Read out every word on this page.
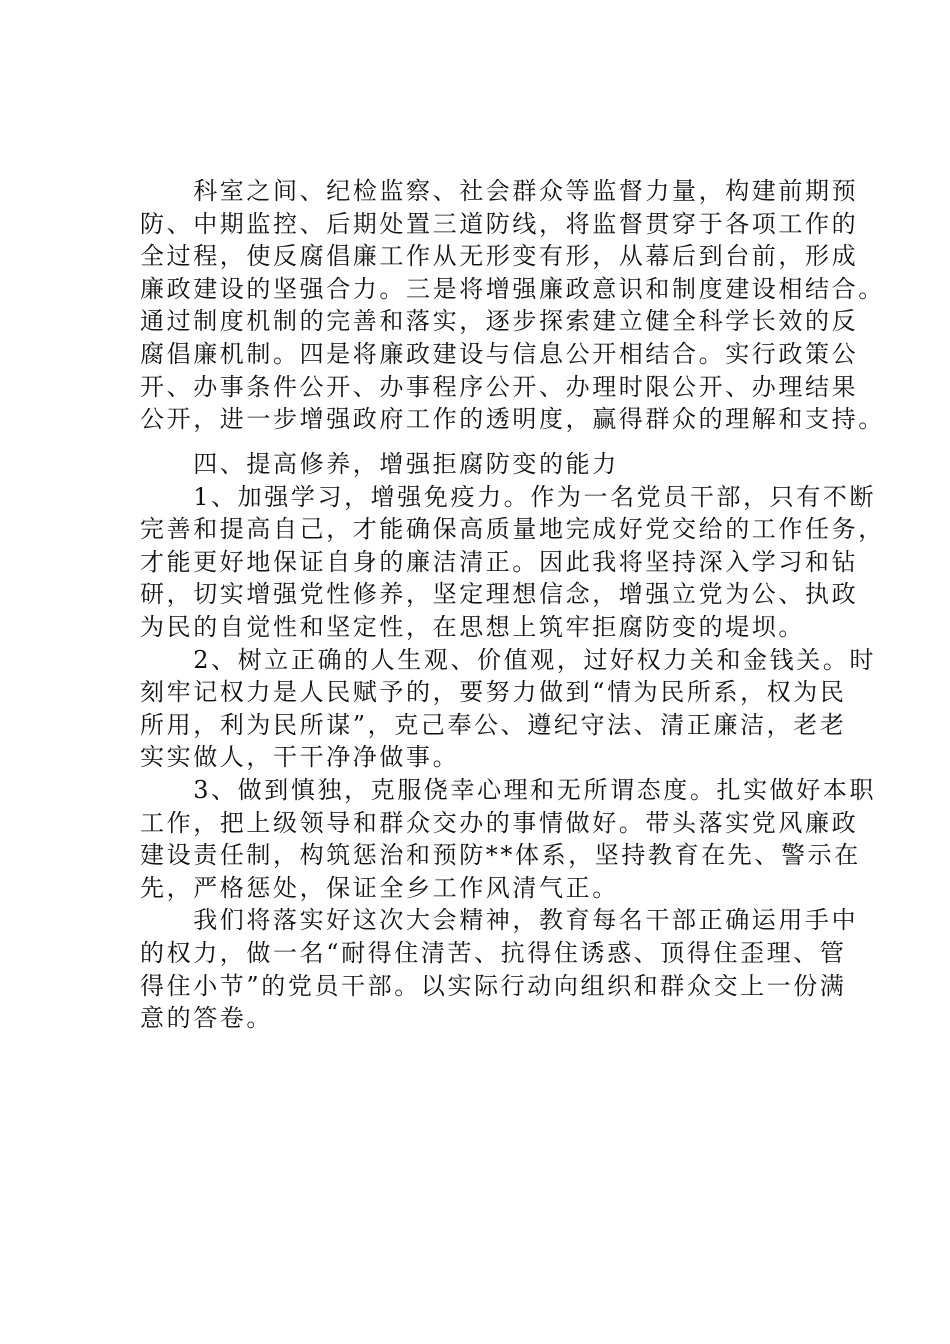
　　科室之间、纪检监察、社会群众等监督力量，构建前期预
防、中期监控、后期处置三道防线，将监督贯穿于各项工作的
全过程，使反腐倡廉工作从无形变有形，从幕后到台前，形成
廉政建设的坚强合力。三是将增强廉政意识和制度建设相结合。
通过制度机制的完善和落实，逐步探索建立健全科学长效的反
腐倡廉机制。四是将廉政建设与信息公开相结合。实行政策公
开、办事条件公开、办事程序公开、办理时限公开、办理结果
公开，进一步增强政府工作的透明度，赢得群众的理解和支持。
　　四、提高修养，增强拒腐防变的能力
　　1、加强学习，增强免疫力。作为一名党员干部，只有不断
完善和提高自己，才能确保高质量地完成好党交给的工作任务，
才能更好地保证自身的廉洁清正。因此我将坚持深入学习和钻
研，切实增强党性修养，坚定理想信念，增强立党为公、执政
为民的自觉性和坚定性，在思想上筑牢拒腐防变的堤坝。
　　2、树立正确的人生观、价值观，过好权力关和金钱关。时
刻牢记权力是人民赋予的，要努力做到“情为民所系，权为民
所用，利为民所谋”，克己奉公、遵纪守法、清正廉洁，老老
实实做人，干干净净做事。
　　3、做到慎独，克服侥幸心理和无所谓态度。扎实做好本职
工作，把上级领导和群众交办的事情做好。带头落实党风廉政
建设责任制，构筑惩治和预防**体系，坚持教育在先、警示在
先，严格惩处，保证全乡工作风清气正。
　　我们将落实好这次大会精神，教育每名干部正确运用手中
的权力，做一名“耐得住清苦、抗得住诱惑、顶得住歪理、管
得住小节”的党员干部。以实际行动向组织和群众交上一份满
意的答卷。
